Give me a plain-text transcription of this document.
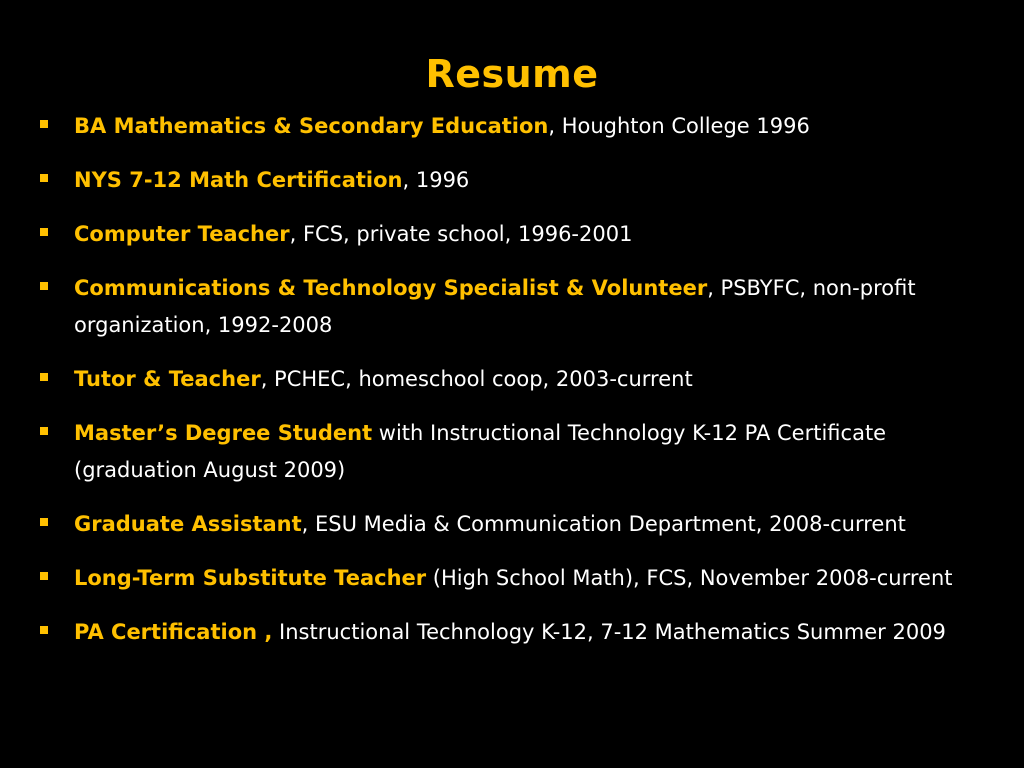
Resume
BA Mathematics & Secondary Education, Houghton College 1996
NYS 7-12 Math Certification, 1996
Computer Teacher, FCS, private school, 1996-2001
Communications & Technology Specialist & Volunteer, PSBYFC, non-profit organization, 1992-2008
Tutor & Teacher, PCHEC, homeschool coop, 2003-current
Master’s Degree Student with Instructional Technology K-12 PA Certificate (graduation August 2009)
Graduate Assistant, ESU Media & Communication Department, 2008-current
Long-Term Substitute Teacher (High School Math), FCS, November 2008-current
PA Certification , Instructional Technology K-12, 7-12 Mathematics Summer 2009
